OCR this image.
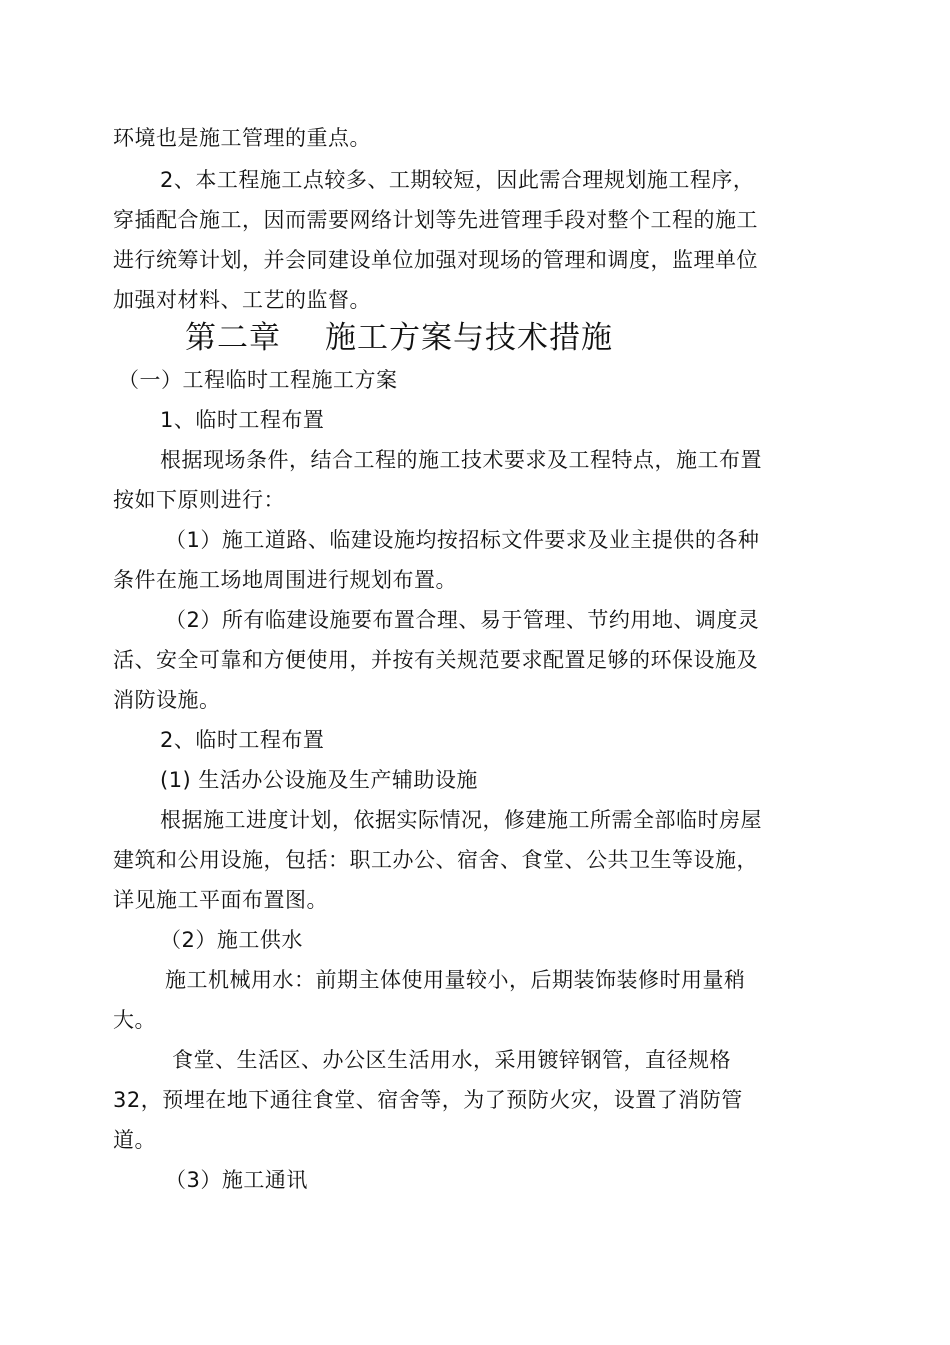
环境也是施工管理的重点。
2、本工程施工点较多、工期较短，因此需合理规划施工程序，
穿插配合施工，因而需要网络计划等先进管理手段对整个工程的施工
进行统筹计划，并会同建设单位加强对现场的管理和调度，监理单位
加强对材料、工艺的监督。
第二章 施工方案与技术措施
（一）工程临时工程施工方案
1、临时工程布置
根据现场条件，结合工程的施工技术要求及工程特点，施工布置
按如下原则进行：
（1）施工道路、临建设施均按招标文件要求及业主提供的各种
条件在施工场地周围进行规划布置。
（2）所有临建设施要布置合理、易于管理、节约用地、调度灵
活、安全可靠和方便使用，并按有关规范要求配置足够的环保设施及
消防设施。
2、临时工程布置
(1) 生活办公设施及生产辅助设施
根据施工进度计划，依据实际情况，修建施工所需全部临时房屋
建筑和公用设施，包括：职工办公、宿舍、食堂、公共卫生等设施，
详见施工平面布置图。
（2）施工供水
施工机械用水：前期主体使用量较小，后期装饰装修时用量稍
大。
食堂、生活区、办公区生活用水，采用镀锌钢管，直径规格
32，预埋在地下通往食堂、宿舍等，为了预防火灾，设置了消防管
道。
（3）施工通讯
